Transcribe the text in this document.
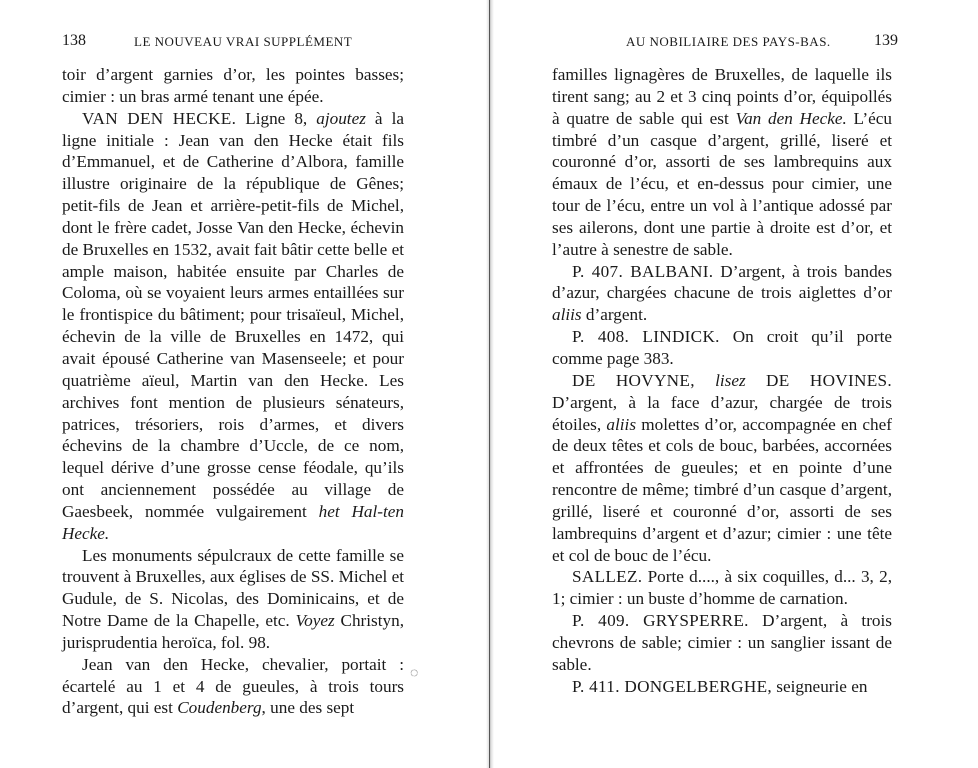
138	LE NOUVEAU VRAI SUPPLÉMENT

toir d’argent garnies d’or, les pointes basses; cimier : un bras armé tenant une épée.

VAN DEN HECKE. Ligne 8, ajoutez à la ligne initiale : Jean van den Hecke était fils d’Emmanuel, et de Catherine d’Albora, famille illustre originaire de la république de Gênes; petit-fils de Jean et arrière-petit-fils de Michel, dont le frère cadet, Josse Van den Hecke, échevin de Bruxelles en 1532, avait fait bâtir cette belle et ample maison, habitée ensuite par Charles de Coloma, où se voyaient leurs armes entaillées sur le frontispice du bâtiment; pour trisaïeul, Michel, échevin de la ville de Bruxelles en 1472, qui avait épousé Catherine van Masenseele; et pour quatrième aïeul, Martin van den Hecke. Les archives font mention de plusieurs sénateurs, patrices, trésoriers, rois d’armes, et divers échevins de la chambre d’Uccle, de ce nom, lequel dérive d’une grosse cense féodale, qu’ils ont anciennement possédée au village de Gaesbeek, nommée vulgairement het Hal-ten Hecke.

Les monuments sépulcraux de cette famille se trouvent à Bruxelles, aux églises de SS. Michel et Gudule, de S. Nicolas, des Dominicains, et de Notre Dame de la Chapelle, etc. Voyez Christyn, jurisprudentia heroïca, fol. 98.

Jean van den Hecke, chevalier, portait : écartelé au 1 et 4 de gueules, à trois tours d’argent, qui est Coudenberg, une des sept

◌
AU NOBILIAIRE DES PAYS-BAS.	139

familles lignagères de Bruxelles, de laquelle ils tirent sang; au 2 et 3 cinq points d’or, équipollés à quatre de sable qui est Van den Hecke. L’écu timbré d’un casque d’argent, grillé, liseré et couronné d’or, assorti de ses lambrequins aux émaux de l’écu, et en-dessus pour cimier, une tour de l’écu, entre un vol à l’antique adossé par ses ailerons, dont une partie à droite est d’or, et l’autre à senestre de sable.

P. 407. BALBANI. D’argent, à trois bandes d’azur, chargées chacune de trois aiglettes d’or aliis d’argent.

P. 408. LINDICK. On croit qu’il porte comme page 383.

DE HOVYNE, lisez DE HOVINES. D’argent, à la face d’azur, chargée de trois étoiles, aliis molettes d’or, accompagnée en chef de deux têtes et cols de bouc, barbées, accornées et affrontées de gueules; et en pointe d’une rencontre de même; timbré d’un casque d’argent, grillé, liseré et couronné d’or, assorti de ses lambrequins d’argent et d’azur; cimier : une tête et col de bouc de l’écu.

SALLEZ. Porte d...., à six coquilles, d... 3, 2, 1; cimier : un buste d’homme de carnation.

P. 409. GRYSPERRE. D’argent, à trois chevrons de sable; cimier : un sanglier issant de sable.

P. 411. DONGELBERGHE, seigneurie en
